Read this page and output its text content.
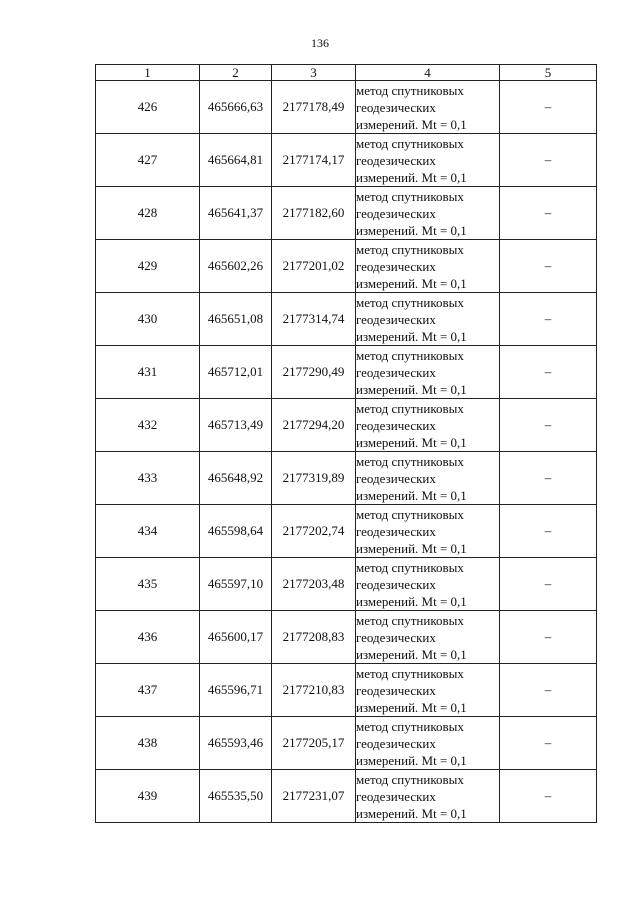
136
1	2	3	4	5
426	465666,63	2177178,49	метод спутниковых
геодезических
измерений. Mt = 0,1	–
427	465664,81	2177174,17	метод спутниковых
геодезических
измерений. Mt = 0,1	–
428	465641,37	2177182,60	метод спутниковых
геодезических
измерений. Mt = 0,1	–
429	465602,26	2177201,02	метод спутниковых
геодезических
измерений. Mt = 0,1	–
430	465651,08	2177314,74	метод спутниковых
геодезических
измерений. Mt = 0,1	–
431	465712,01	2177290,49	метод спутниковых
геодезических
измерений. Mt = 0,1	–
432	465713,49	2177294,20	метод спутниковых
геодезических
измерений. Mt = 0,1	–
433	465648,92	2177319,89	метод спутниковых
геодезических
измерений. Mt = 0,1	–
434	465598,64	2177202,74	метод спутниковых
геодезических
измерений. Mt = 0,1	–
435	465597,10	2177203,48	метод спутниковых
геодезических
измерений. Mt = 0,1	–
436	465600,17	2177208,83	метод спутниковых
геодезических
измерений. Mt = 0,1	–
437	465596,71	2177210,83	метод спутниковых
геодезических
измерений. Mt = 0,1	–
438	465593,46	2177205,17	метод спутниковых
геодезических
измерений. Mt = 0,1	–
439	465535,50	2177231,07	метод спутниковых
геодезических
измерений. Mt = 0,1	–
